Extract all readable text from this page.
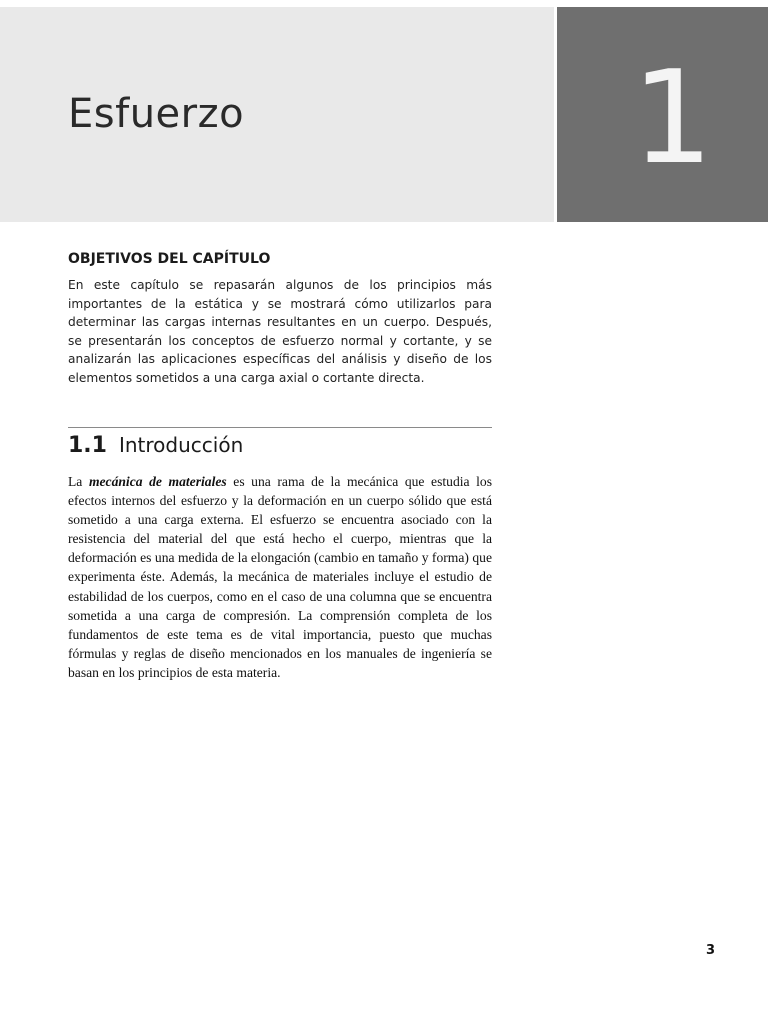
1
Esfuerzo
OBJETIVOS DEL CAPÍTULO

En este capítulo se repasarán algunos de los principios más importantes de la estática y se mostrará cómo utilizarlos para determinar las cargas internas resultantes en un cuerpo. Después, se presentarán los conceptos de esfuerzo normal y cortante, y se analizarán las aplicaciones específicas del análisis y diseño de los elementos sometidos a una carga axial o cortante directa.

1.1 Introducción

La mecánica de materiales es una rama de la mecánica que estudia los efectos internos del esfuerzo y la deformación en un cuerpo sólido que está sometido a una carga externa. El esfuerzo se encuentra asociado con la resistencia del material del que está hecho el cuerpo, mientras que la deformación es una medida de la elongación (cambio en tamaño y forma) que experimenta éste. Además, la mecánica de materiales incluye el estudio de estabilidad de los cuerpos, como en el caso de una columna que se encuentra sometida a una carga de compresión. La comprensión completa de los fundamentos de este tema es de vital importancia, puesto que muchas fórmulas y reglas de diseño mencionados en los manuales de ingeniería se basan en los principios de esta materia.

3
